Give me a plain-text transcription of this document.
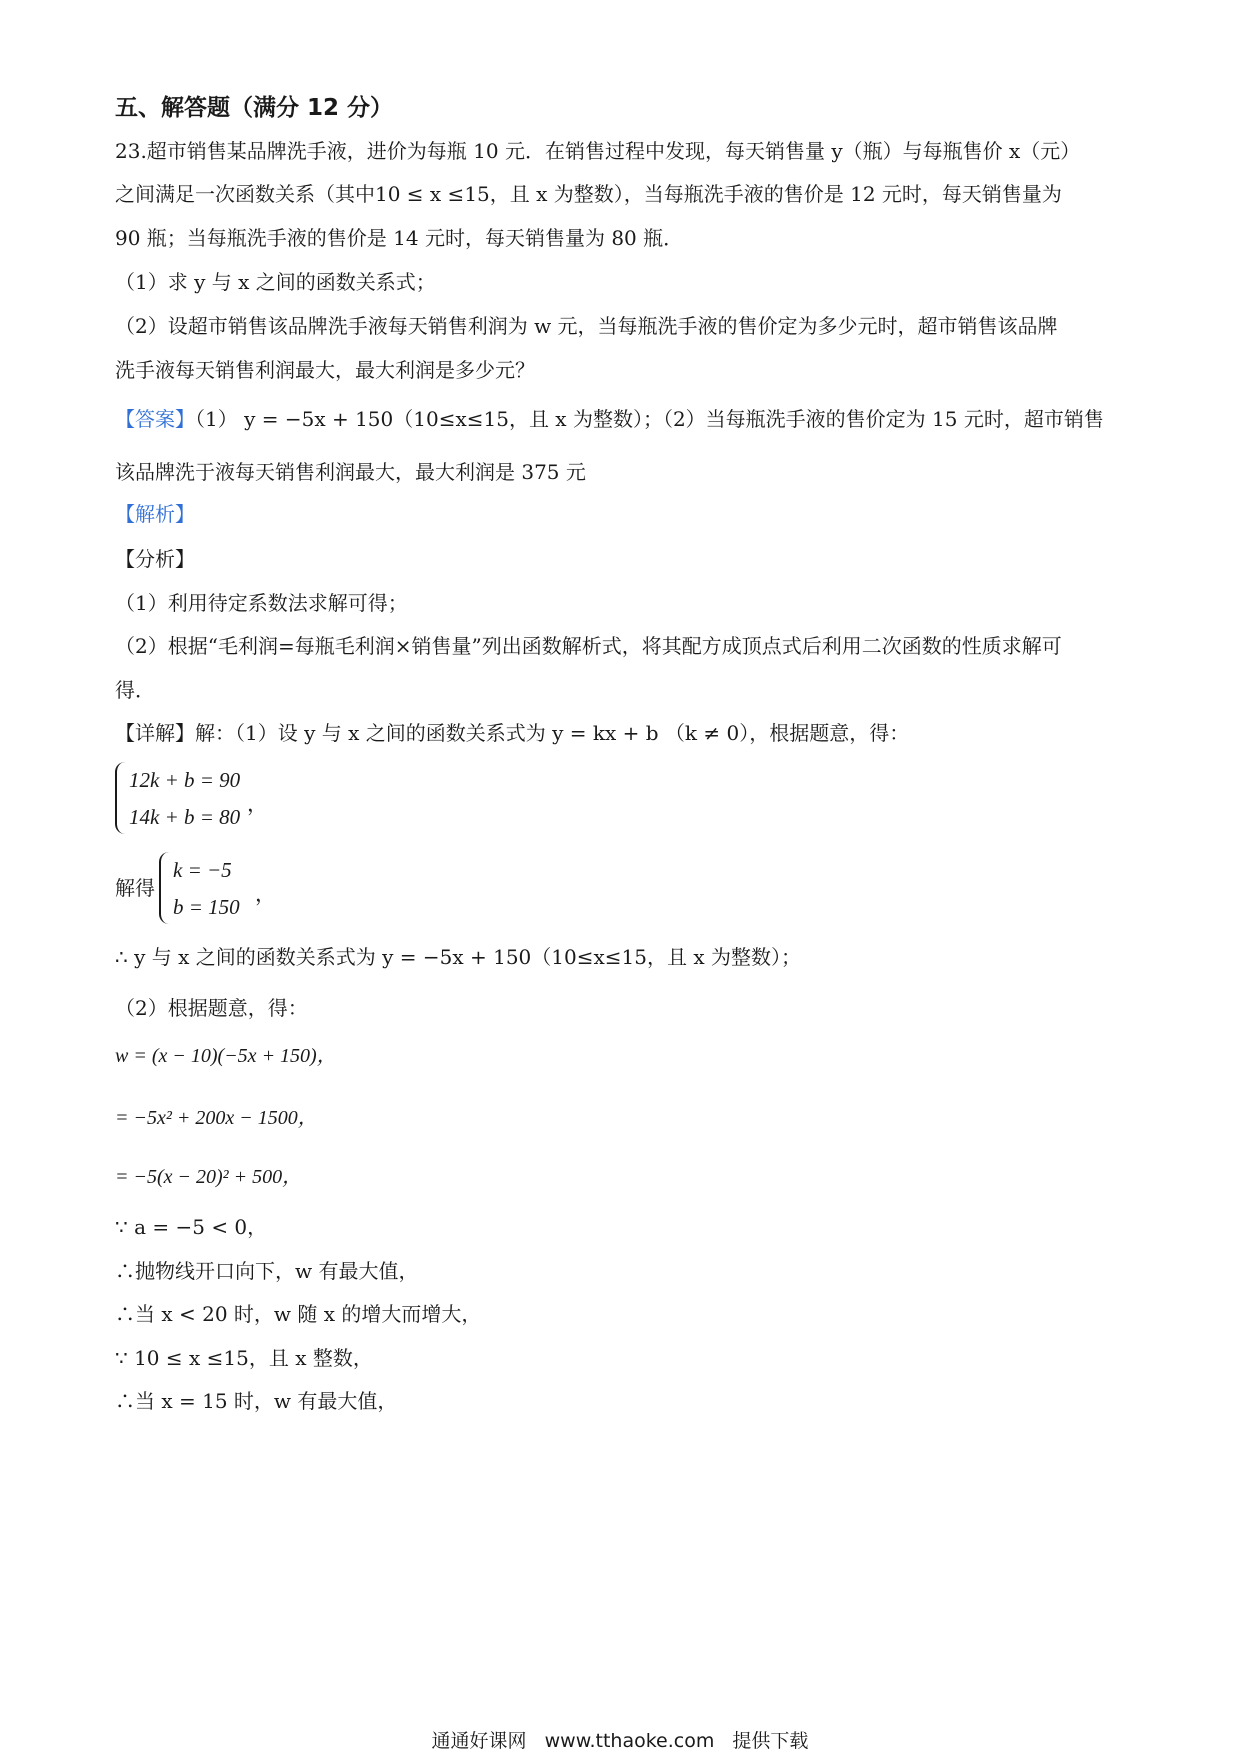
五、解答题（满分 12 分）
23.超市销售某品牌洗手液，进价为每瓶 10 元．在销售过程中发现，每天销售量 y（瓶）与每瓶售价 x（元）
之间满足一次函数关系（其中10 ≤ x ≤15，且 x 为整数），当每瓶洗手液的售价是 12 元时，每天销售量为
90 瓶；当每瓶洗手液的售价是 14 元时，每天销售量为 80 瓶．
（1）求 y 与 x 之间的函数关系式；
（2）设超市销售该品牌洗手液每天销售利润为 w 元，当每瓶洗手液的售价定为多少元时，超市销售该品牌
洗手液每天销售利润最大，最大利润是多少元？
【答案】（1） y = −5x + 150（10≤x≤15，且 x 为整数）；（2）当每瓶洗手液的售价定为 15 元时，超市销售
该品牌洗于液每天销售利润最大，最大利润是 375 元
【解析】
【分析】
（1）利用待定系数法求解可得；
（2）根据“毛利润=每瓶毛利润×销售量”列出函数解析式，将其配方成顶点式后利用二次函数的性质求解可
得．
【详解】解：（1）设 y 与 x 之间的函数关系式为 y = kx + b （k ≠ 0），根据题意，得：
12k + b = 90
14k + b = 80
，
解得
k = −5
b = 150
，
∴ y 与 x 之间的函数关系式为 y = −5x + 150（10≤x≤15，且 x 为整数）；
（2）根据题意，得：
w = (x − 10)(−5x + 150)，
= −5x² + 200x − 1500，
= −5(x − 20)² + 500，
∵ a = −5 < 0，
∴抛物线开口向下，w 有最大值，
∴当 x < 20 时，w 随 x 的增大而增大，
∵ 10 ≤ x ≤15，且 x 整数，
∴当 x = 15 时，w 有最大值，
通通好课网 www.tthaoke.com 提供下载
